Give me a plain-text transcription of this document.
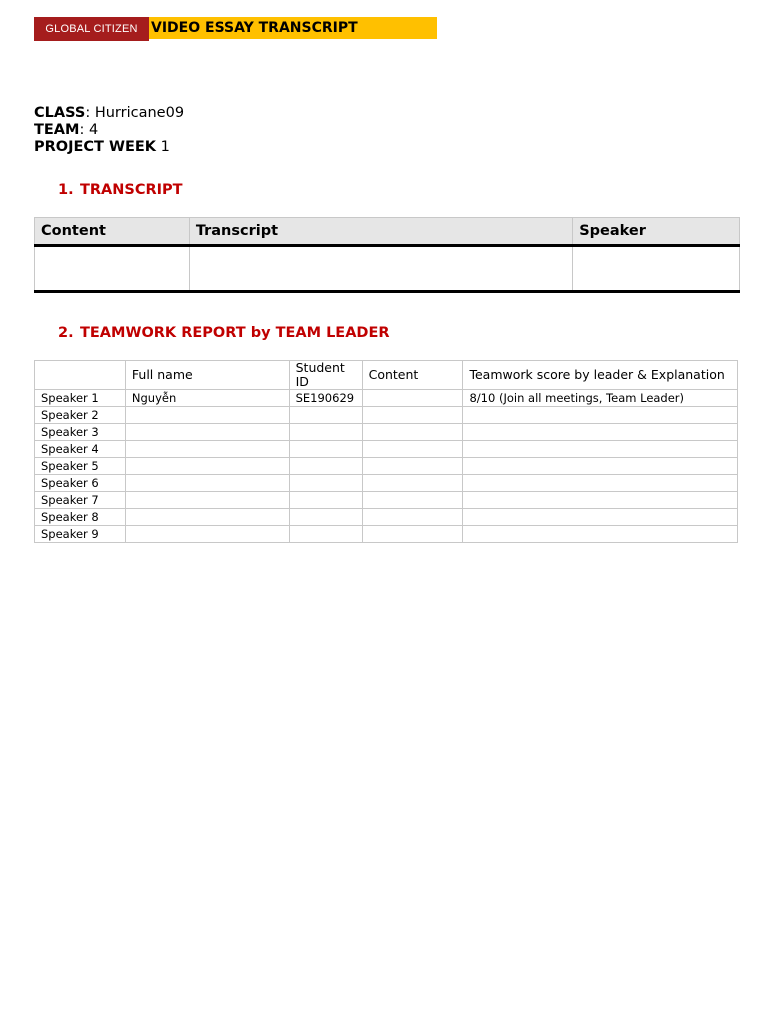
GLOBAL CITIZEN VIDEO ESSAY TRANSCRIPT
CLASS: Hurricane09
TEAM: 4
PROJECT WEEK 1
1. TRANSCRIPT
Content	Transcript	Speaker

2. TEAMWORK REPORT by TEAM LEADER
	Full name	Student ID	Content	Teamwork score by leader & Explanation
Speaker 1	Nguyễn	SE190629		8/10 (Join all meetings, Team Leader)
Speaker 2				
Speaker 3				
Speaker 4				
Speaker 5				
Speaker 6				
Speaker 7				
Speaker 8				
Speaker 9				
